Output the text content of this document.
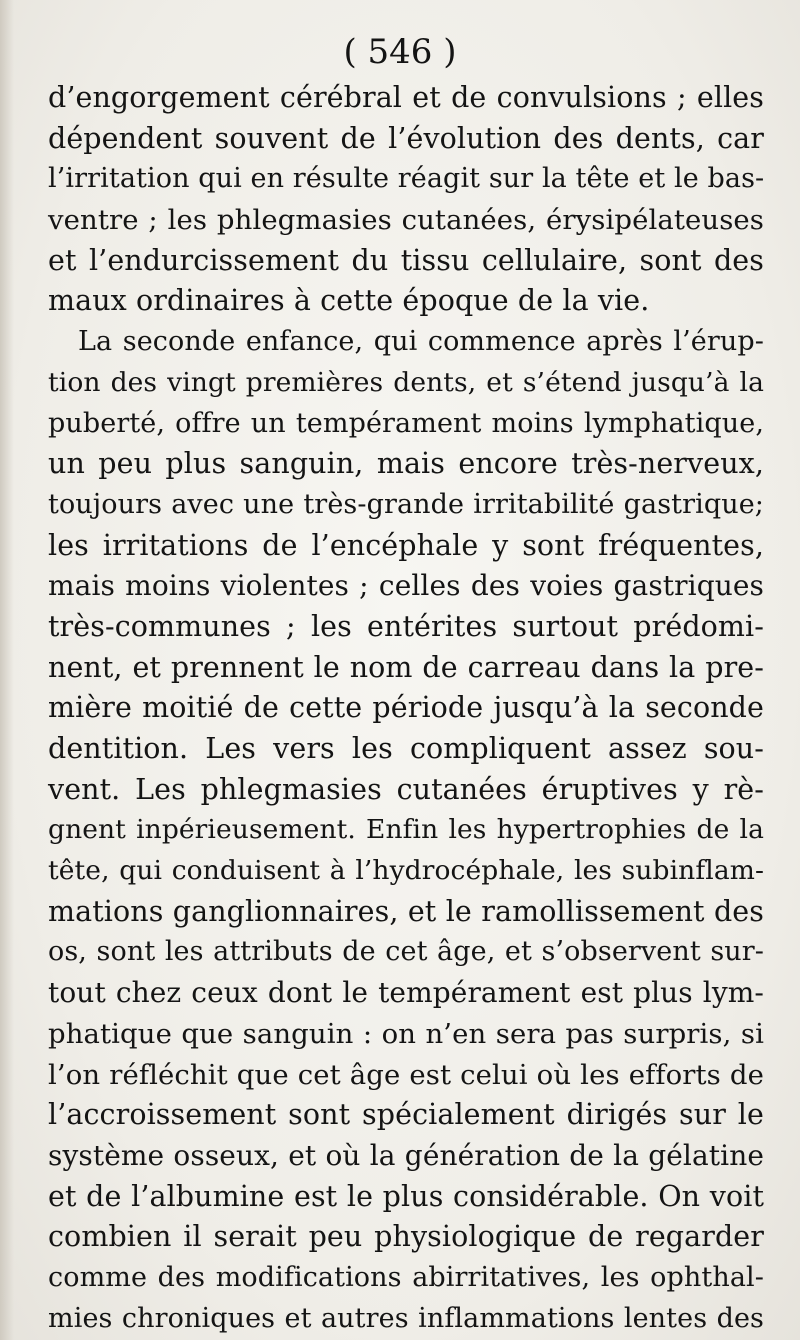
( 546 )
d’engorgement cérébral et de convulsions ; elles
dépendent souvent de l’évolution des dents, car
l’irritation qui en résulte réagit sur la tête et le bas-
ventre ; les phlegmasies cutanées, érysipélateuses
et l’endurcissement du tissu cellulaire, sont des
maux ordinaires à cette époque de la vie.
La seconde enfance, qui commence après l’érup-
tion des vingt premières dents, et s’étend jusqu’à la
puberté, offre un tempérament moins lymphatique,
un peu plus sanguin, mais encore très-nerveux,
toujours avec une très-grande irritabilité gastrique;
les irritations de l’encéphale y sont fréquentes,
mais moins violentes ; celles des voies gastriques
très-communes ; les entérites surtout prédomi-
nent, et prennent le nom de carreau dans la pre-
mière moitié de cette période jusqu’à la seconde
dentition. Les vers les compliquent assez sou-
vent. Les phlegmasies cutanées éruptives y rè-
gnent inpérieusement. Enfin les hypertrophies de la
tête, qui conduisent à l’hydrocéphale, les subinflam-
mations ganglionnaires, et le ramollissement des
os, sont les attributs de cet âge, et s’observent sur-
tout chez ceux dont le tempérament est plus lym-
phatique que sanguin : on n’en sera pas surpris, si
l’on réfléchit que cet âge est celui où les efforts de
l’accroissement sont spécialement dirigés sur le
système osseux, et où la génération de la gélatine
et de l’albumine est le plus considérable. On voit
combien il serait peu physiologique de regarder
comme des modifications abirritatives, les ophthal-
mies chroniques et autres inflammations lentes des
